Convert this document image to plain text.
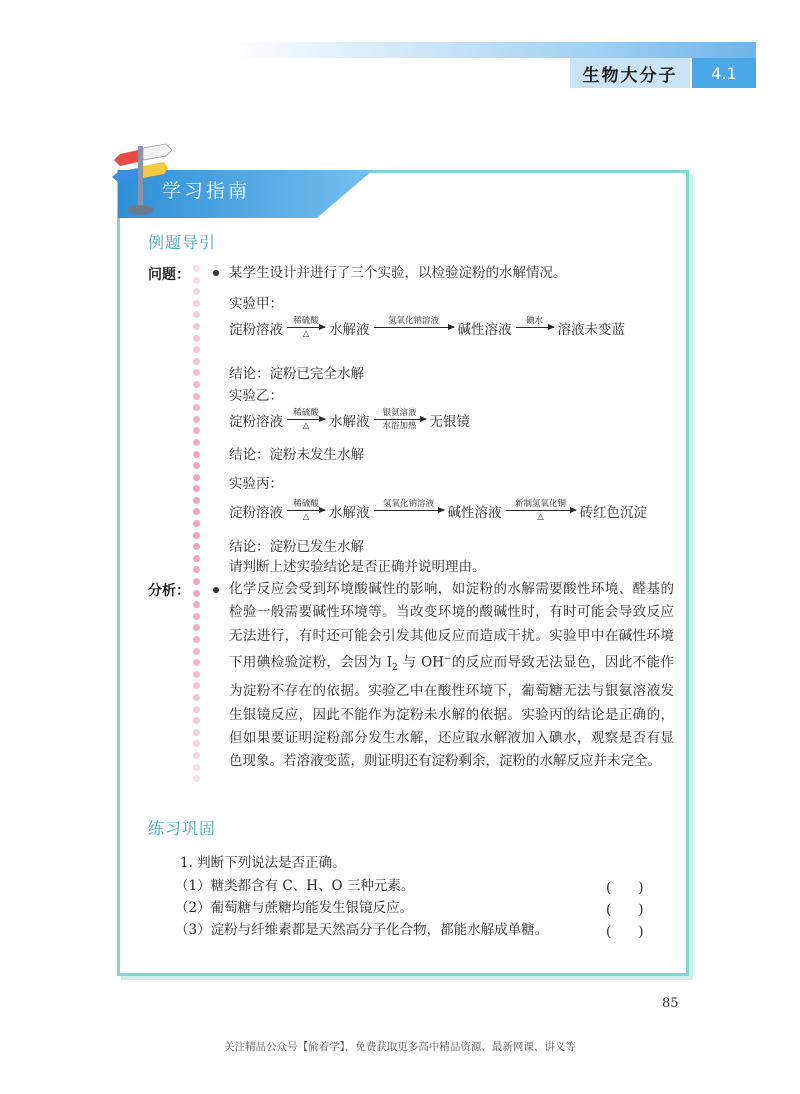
生物大分子	4.1
学习指南
例题导引
问题：	某学生设计并进行了三个实验，以检验淀粉的水解情况。
实验甲：
淀粉溶液
稀硫酸
△ 水解液
氢氧化钠溶液
碱性溶液
碘水
溶液未变蓝
结论：淀粉已完全水解
实验乙：
淀粉溶液
稀硫酸
△ 水解液
银氨溶液
水浴加热 无银镜
结论：淀粉未发生水解
实验丙：
淀粉溶液
稀硫酸
△ 水解液
氢氧化钠溶液
碱性溶液
新制氢氧化铜
△	砖红色沉淀
结论：淀粉已发生水解
请判断上述实验结论是否正确并说明理由。
分析：	化学反应会受到环境酸碱性的影响，如淀粉的水解需要酸性环境、醛基的检验一般需要碱性环境等。当改变环境的酸碱性时，有时可能会导致反应无法进行，有时还可能会引发其他反应而造成干扰。实验甲中在碱性环境下用碘检验淀粉，会因为 $I_2$ 与 OH−的反应而导致无法显色，因此不能作为淀粉不存在的依据。实验乙中在酸性环境下，葡萄糖无法与银氨溶液发生银镜反应，因此不能作为淀粉未水解的依据。实验丙的结论是正确的，但如果要证明淀粉部分发生水解，还应取水解液加入碘水，观察是否有显色现象。若溶液变蓝，则证明还有淀粉剩余，淀粉的水解反应并未完全。
练习巩固
1. 判断下列说法是否正确。
（1）糖类都含有 C、H、O 三种元素。	(　　)
（2）葡萄糖与蔗糖均能发生银镜反应。	(　　)
（3）淀粉与纤维素都是天然高分子化合物，都能水解成单糖。	(　　)
85
关注精品公众号【偷着学】，免费获取更多高中精品资源、最新网课、讲义等
